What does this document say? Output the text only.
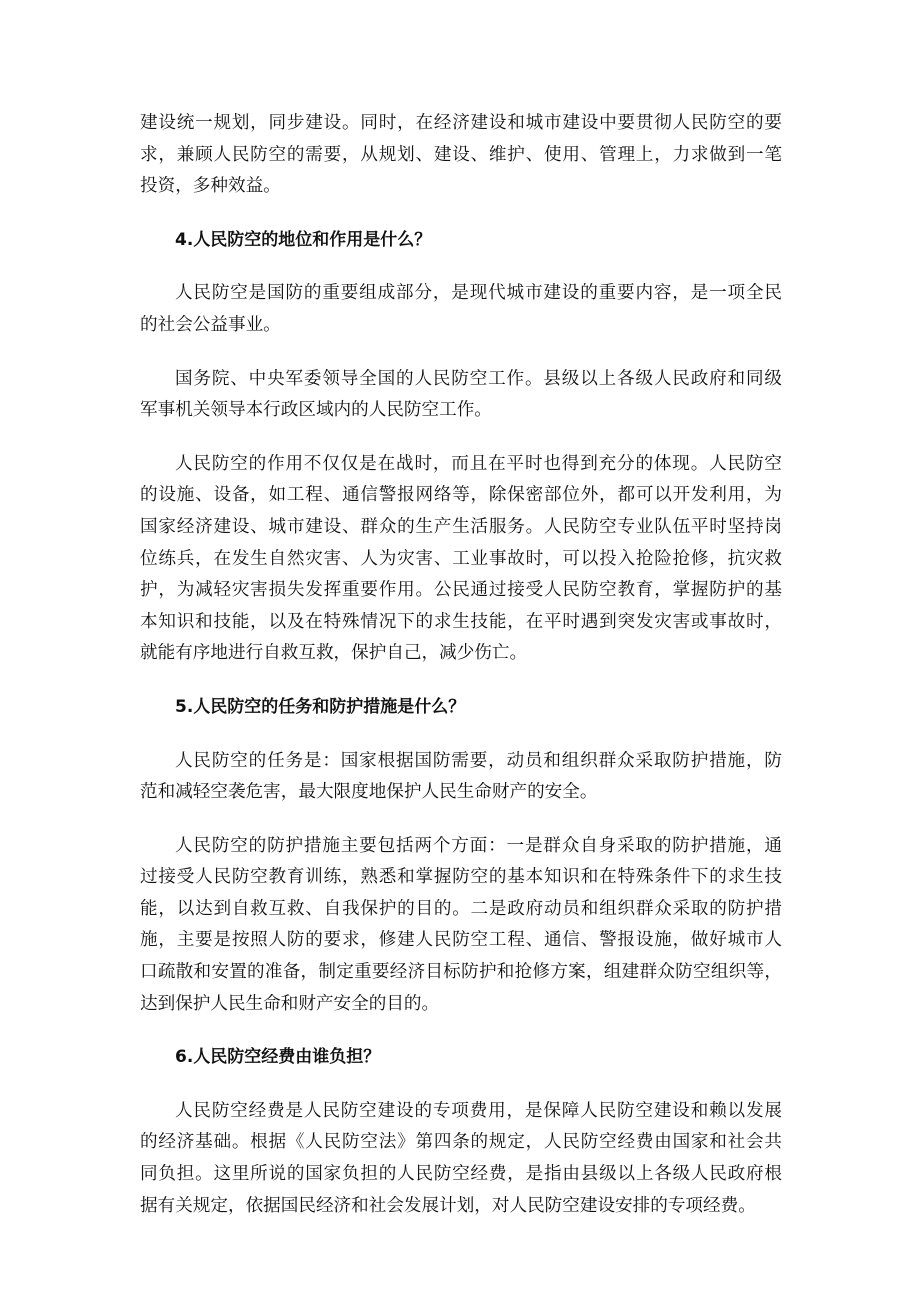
建设统一规划，同步建设。同时，在经济建设和城市建设中要贯彻人民防空的要
求，兼顾人民防空的需要，从规划、建设、维护、使用、管理上，力求做到一笔
投资，多种效益。
4.人民防空的地位和作用是什么？
人民防空是国防的重要组成部分，是现代城市建设的重要内容，是一项全民
的社会公益事业。
国务院、中央军委领导全国的人民防空工作。县级以上各级人民政府和同级
军事机关领导本行政区域内的人民防空工作。
人民防空的作用不仅仅是在战时，而且在平时也得到充分的体现。人民防空
的设施、设备，如工程、通信警报网络等，除保密部位外，都可以开发利用，为
国家经济建设、城市建设、群众的生产生活服务。人民防空专业队伍平时坚持岗
位练兵，在发生自然灾害、人为灾害、工业事故时，可以投入抢险抢修，抗灾救
护，为减轻灾害损失发挥重要作用。公民通过接受人民防空教育，掌握防护的基
本知识和技能，以及在特殊情况下的求生技能，在平时遇到突发灾害或事故时，
就能有序地进行自救互救，保护自己，减少伤亡。
5.人民防空的任务和防护措施是什么？
人民防空的任务是：国家根据国防需要，动员和组织群众采取防护措施，防
范和减轻空袭危害，最大限度地保护人民生命财产的安全。
人民防空的防护措施主要包括两个方面：一是群众自身采取的防护措施，通
过接受人民防空教育训练，熟悉和掌握防空的基本知识和在特殊条件下的求生技
能，以达到自救互救、自我保护的目的。二是政府动员和组织群众采取的防护措
施，主要是按照人防的要求，修建人民防空工程、通信、警报设施，做好城市人
口疏散和安置的准备，制定重要经济目标防护和抢修方案，组建群众防空组织等，
达到保护人民生命和财产安全的目的。
6.人民防空经费由谁负担？
人民防空经费是人民防空建设的专项费用，是保障人民防空建设和赖以发展
的经济基础。根据《人民防空法》第四条的规定，人民防空经费由国家和社会共
同负担。这里所说的国家负担的人民防空经费，是指由县级以上各级人民政府根
据有关规定，依据国民经济和社会发展计划，对人民防空建设安排的专项经费。
